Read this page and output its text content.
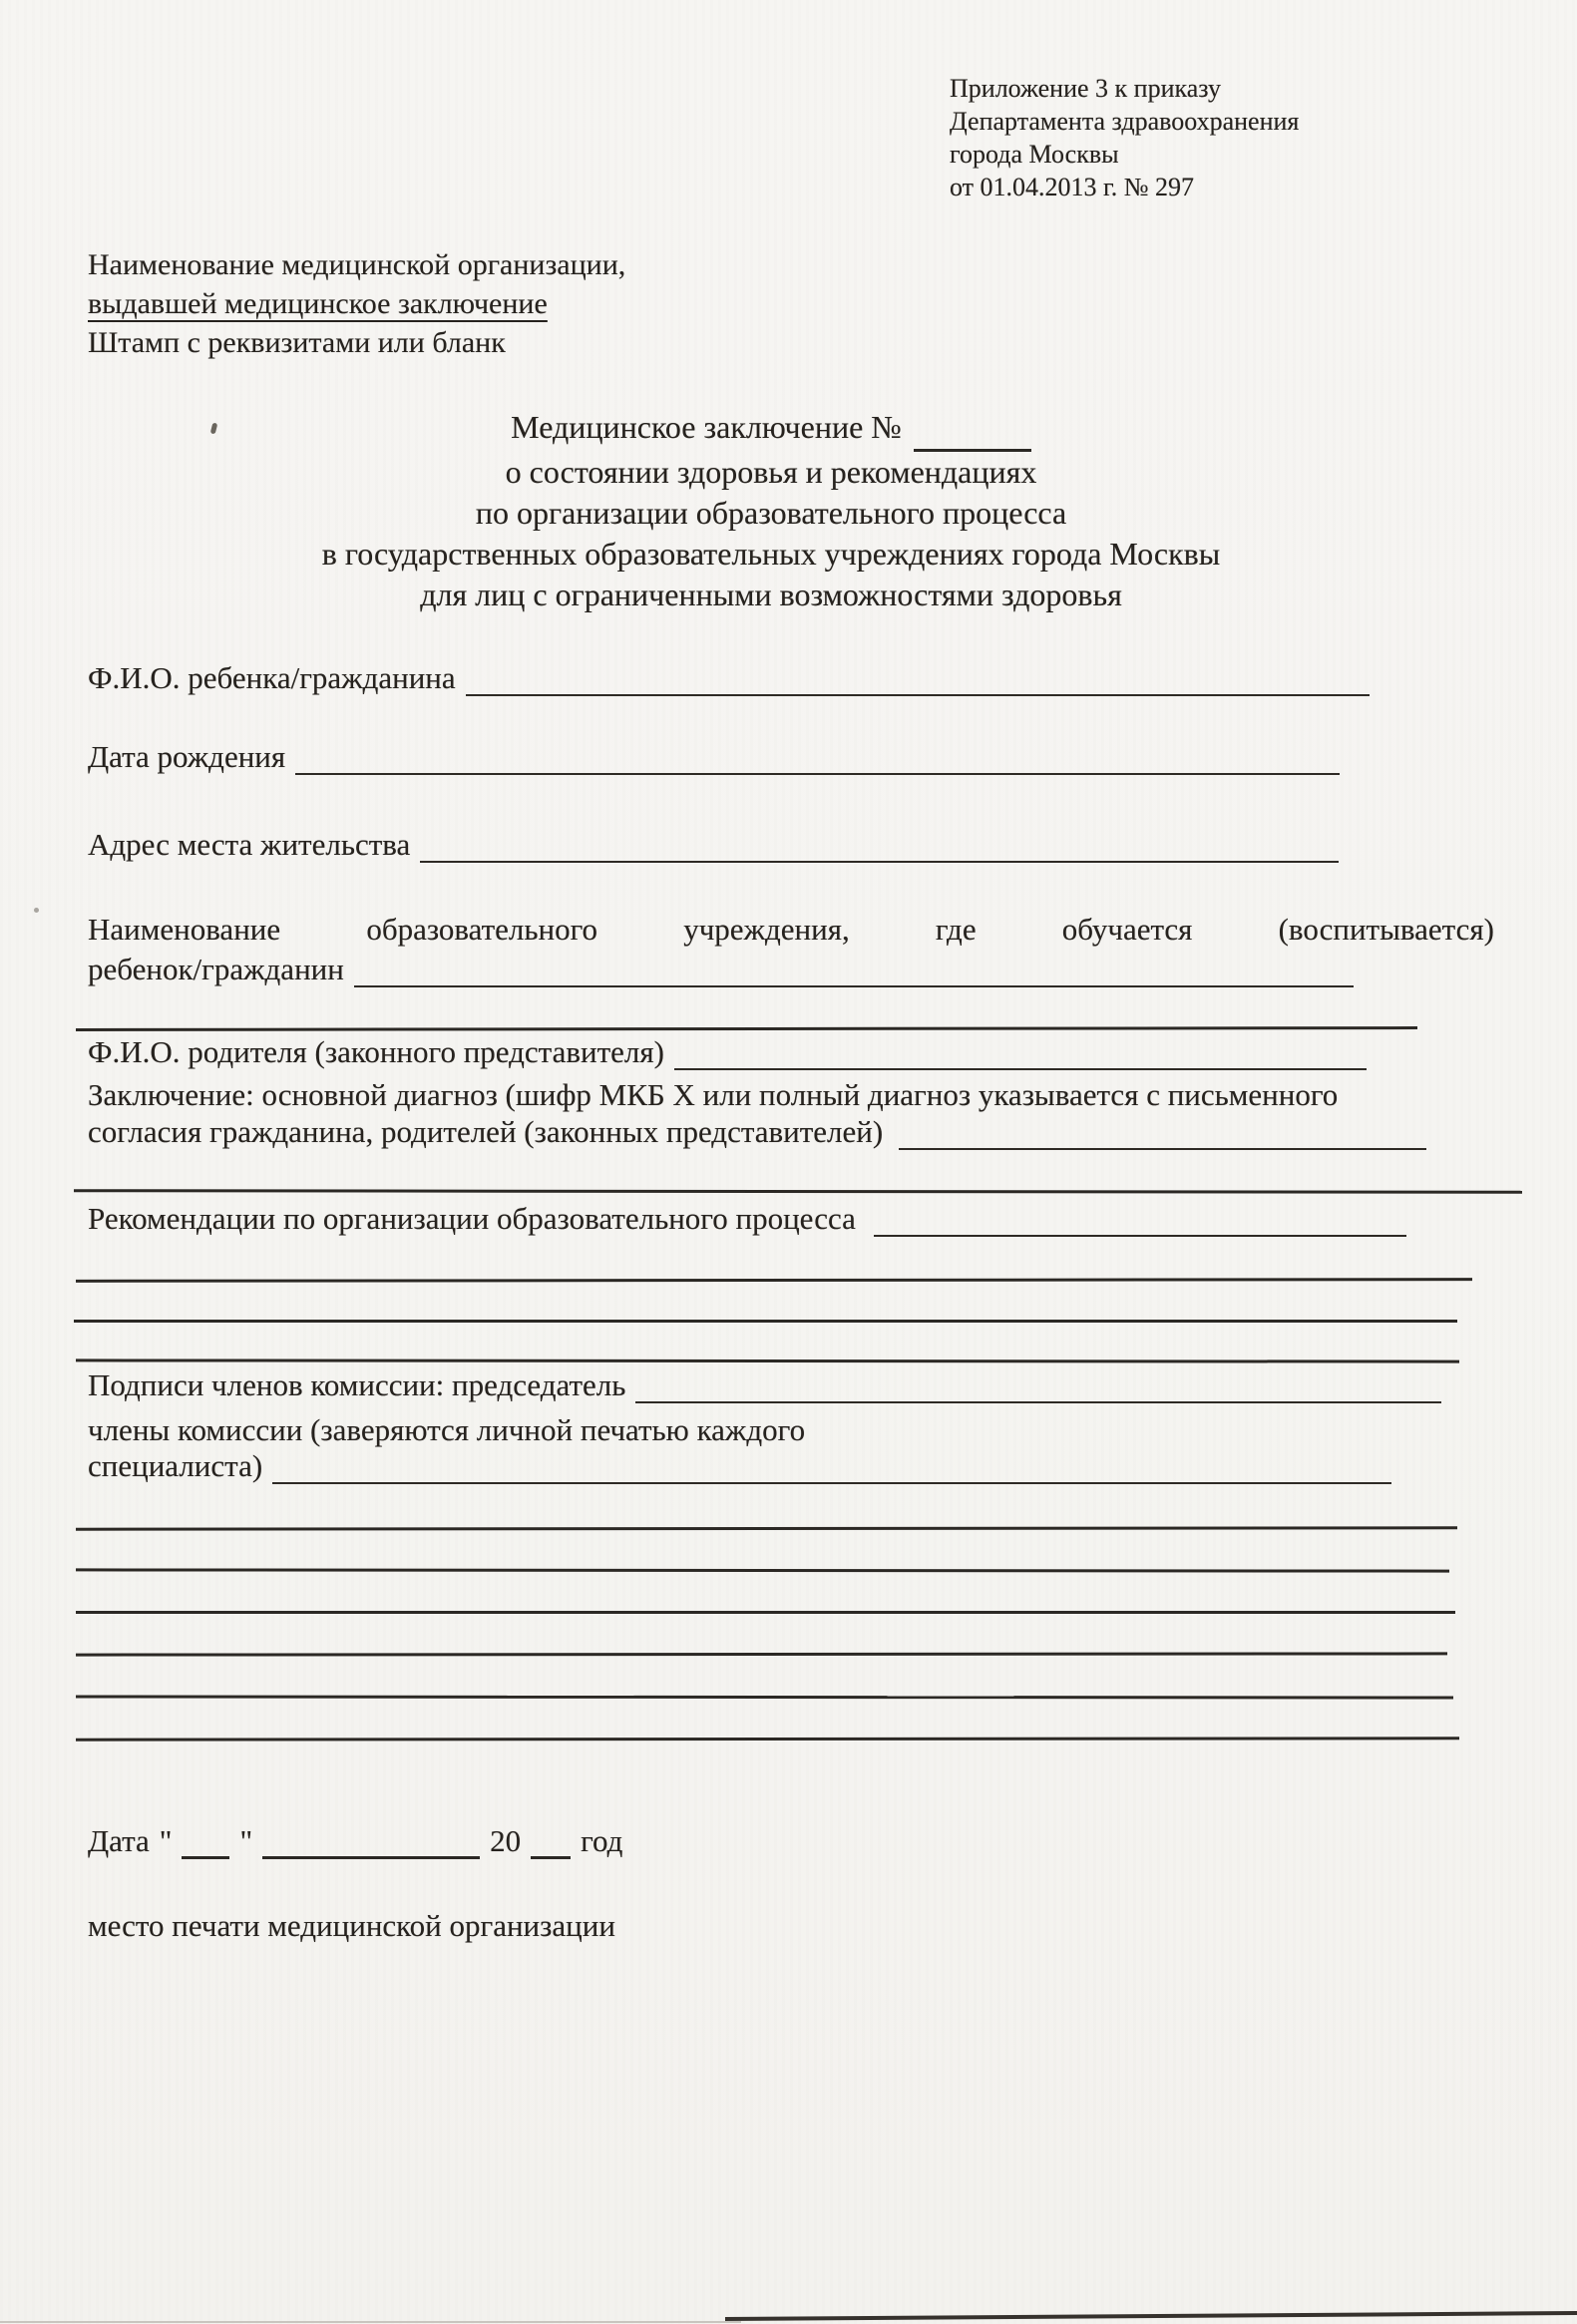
Приложение 3 к приказу
Департамента здравоохранения
города Москвы
от 01.04.2013 г. № 297
Наименование медицинской организации,
выдавшей медицинское заключение
Штамп с реквизитами или бланк
Медицинское заключение №
о состоянии здоровья и рекомендациях
по организации образовательного процесса
в государственных образовательных учреждениях города Москвы
для лиц с ограниченными возможностями здоровья
Ф.И.О. ребенка/гражданина
Дата рождения
Адрес места жительства
Наименование	образовательного	учреждения,	где	обучается	(воспитывается)
ребенок/гражданин
Ф.И.О. родителя (законного представителя)
Заключение: основной диагноз (шифр МКБ X или полный диагноз указывается с письменного
согласия гражданина, родителей (законных представителей)
Рекомендации по организации образовательного процесса
Подписи членов комиссии: председатель
члены комиссии (заверяются личной печатью каждого
специалиста)
Дата " "	20 год
место печати медицинской организации
